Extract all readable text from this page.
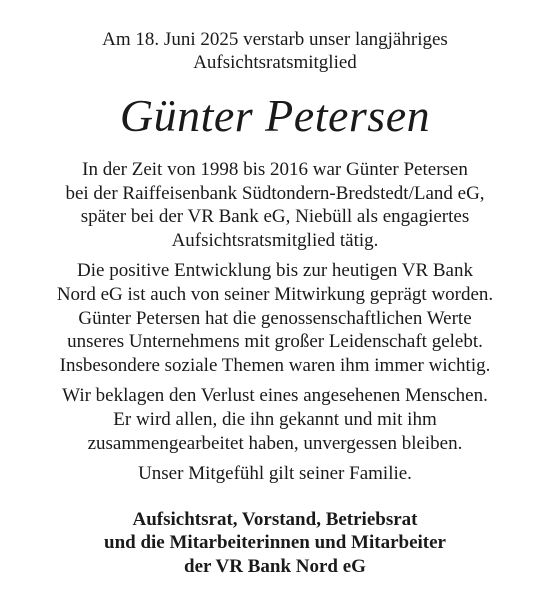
Am 18. Juni 2025 verstarb unser langjähriges
Aufsichtsratsmitglied

Günter Petersen

In der Zeit von 1998 bis 2016 war Günter Petersen
bei der Raiffeisenbank Südtondern-Bredstedt/Land eG,
später bei der VR Bank eG, Niebüll als engagiertes
Aufsichtsratsmitglied tätig.

Die positive Entwicklung bis zur heutigen VR Bank
Nord eG ist auch von seiner Mitwirkung geprägt worden.
Günter Petersen hat die genossenschaftlichen Werte
unseres Unternehmens mit großer Leidenschaft gelebt.
Insbesondere soziale Themen waren ihm immer wichtig.

Wir beklagen den Verlust eines angesehenen Menschen.
Er wird allen, die ihn gekannt und mit ihm
zusammengearbeitet haben, unvergessen bleiben.

Unser Mitgefühl gilt seiner Familie.

Aufsichtsrat, Vorstand, Betriebsrat
und die Mitarbeiterinnen und Mitarbeiter
der VR Bank Nord eG
